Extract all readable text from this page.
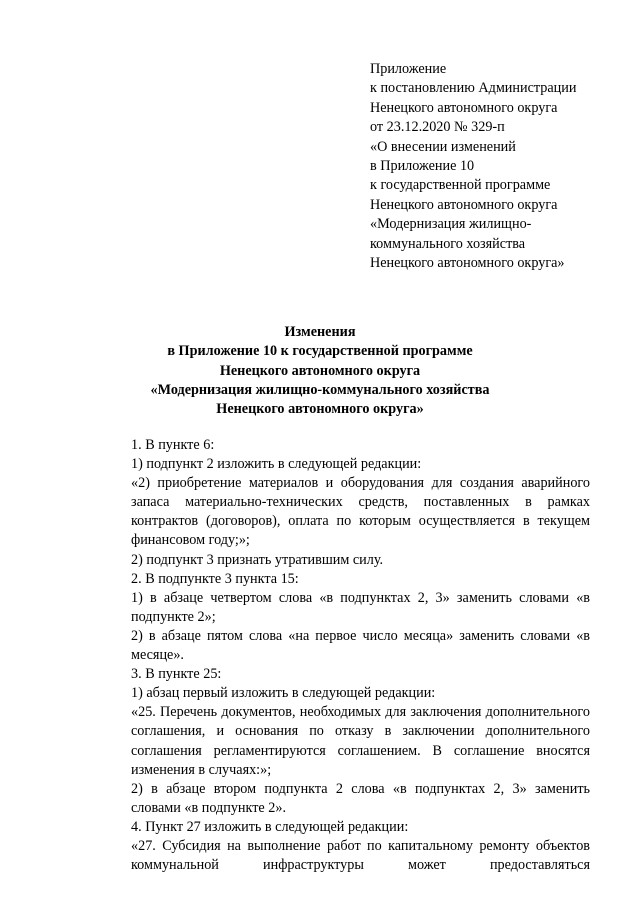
Приложение
к постановлению Администрации
Ненецкого автономного округа
от 23.12.2020 № 329-п
«О внесении изменений
в Приложение 10
к государственной программе
Ненецкого автономного округа
«Модернизация жилищно-
коммунального хозяйства
Ненецкого автономного округа»
Изменения
в Приложение 10 к государственной программе
Ненецкого автономного округа
«Модернизация жилищно-коммунального хозяйства
Ненецкого автономного округа»
1. В пункте 6:
1) подпункт 2 изложить в следующей редакции:
«2) приобретение материалов и оборудования для создания аварийного запаса материально-технических средств, поставленных в рамках контрактов (договоров), оплата по которым осуществляется в текущем финансовом году;»;
2) подпункт 3 признать утратившим силу.
2. В подпункте 3 пункта 15:
1) в абзаце четвертом слова «в подпунктах 2, 3» заменить словами «в подпункте 2»;
2) в абзаце пятом слова «на первое число месяца» заменить словами «в месяце».
3. В пункте 25:
1) абзац первый изложить в следующей редакции:
«25. Перечень документов, необходимых для заключения дополнительного соглашения, и основания по отказу в заключении дополнительного соглашения регламентируются соглашением. В соглашение вносятся изменения в случаях:»;
2) в абзаце втором подпункта 2 слова «в подпунктах 2, 3» заменить словами «в подпункте 2».
4. Пункт 27 изложить в следующей редакции:
«27. Субсидия на выполнение работ по капитальному ремонту объектов коммунальной инфраструктуры может предоставляться
